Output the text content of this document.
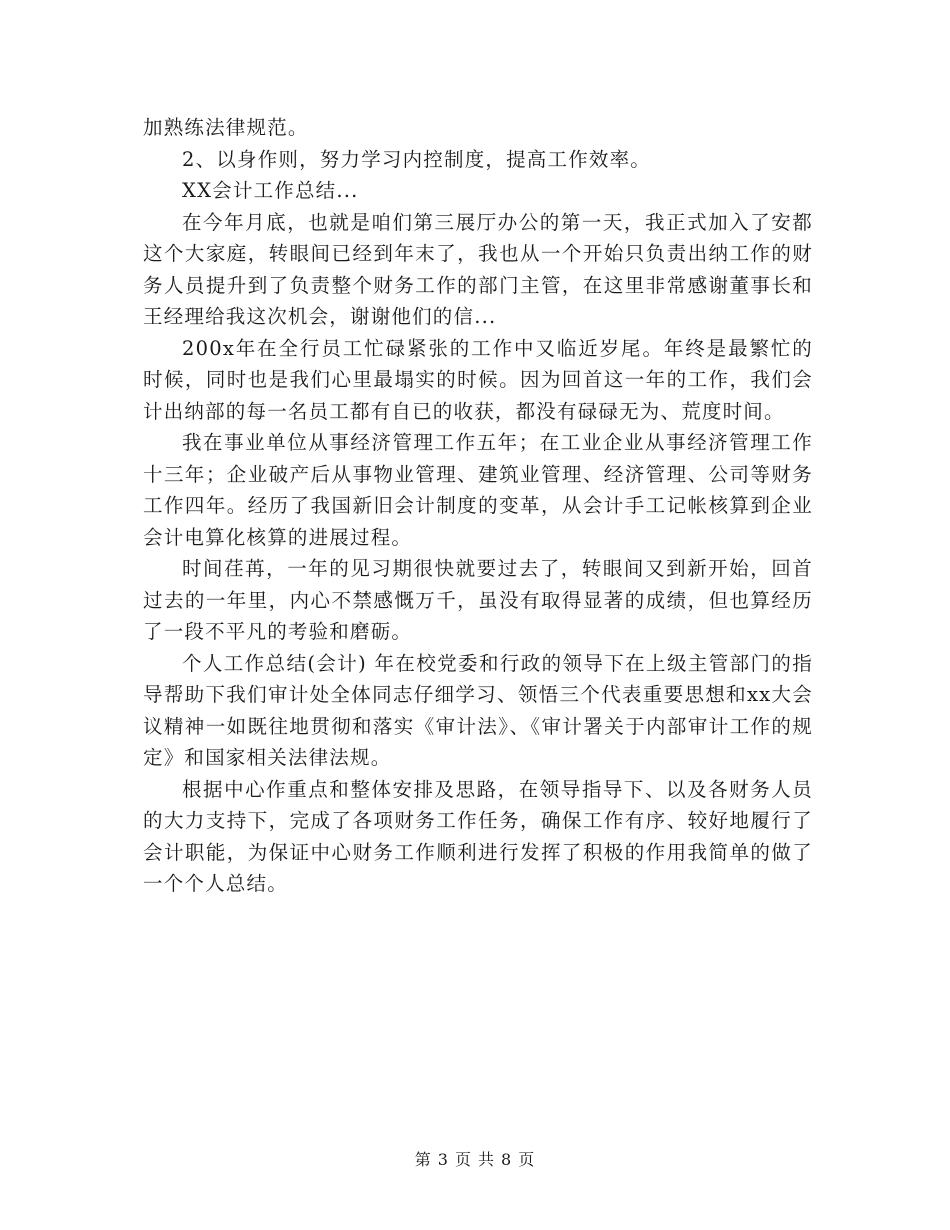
加熟练法律规范。

2、以身作则，努力学习内控制度，提高工作效率。

XX会计工作总结...

在今年月底，也就是咱们第三展厅办公的第一天，我正式加入了安都这个大家庭，转眼间已经到年末了，我也从一个开始只负责出纳工作的财务人员提升到了负责整个财务工作的部门主管，在这里非常感谢董事长和王经理给我这次机会，谢谢他们的信...

200x年在全行员工忙碌紧张的工作中又临近岁尾。年终是最繁忙的时候，同时也是我们心里最塌实的时候。因为回首这一年的工作，我们会计出纳部的每一名员工都有自已的收获，都没有碌碌无为、荒度时间。

我在事业单位从事经济管理工作五年；在工业企业从事经济管理工作十三年；企业破产后从事物业管理、建筑业管理、经济管理、公司等财务工作四年。经历了我国新旧会计制度的变革，从会计手工记帐核算到企业会计电算化核算的进展过程。

时间荏苒，一年的见习期很快就要过去了，转眼间又到新开始，回首过去的一年里，内心不禁感慨万千，虽没有取得显著的成绩，但也算经历了一段不平凡的考验和磨砺。

个人工作总结(会计) 年在校党委和行政的领导下在上级主管部门的指导帮助下我们审计处全体同志仔细学习、领悟三个代表重要思想和xx大会议精神一如既往地贯彻和落实《审计法》、《审计署关于内部审计工作的规定》和国家相关法律法规。

根据中心作重点和整体安排及思路，在领导指导下、以及各财务人员的大力支持下，完成了各项财务工作任务，确保工作有序、较好地履行了会计职能，为保证中心财务工作顺利进行发挥了积极的作用我简单的做了一个个人总结。

第 3 页 共 8 页
